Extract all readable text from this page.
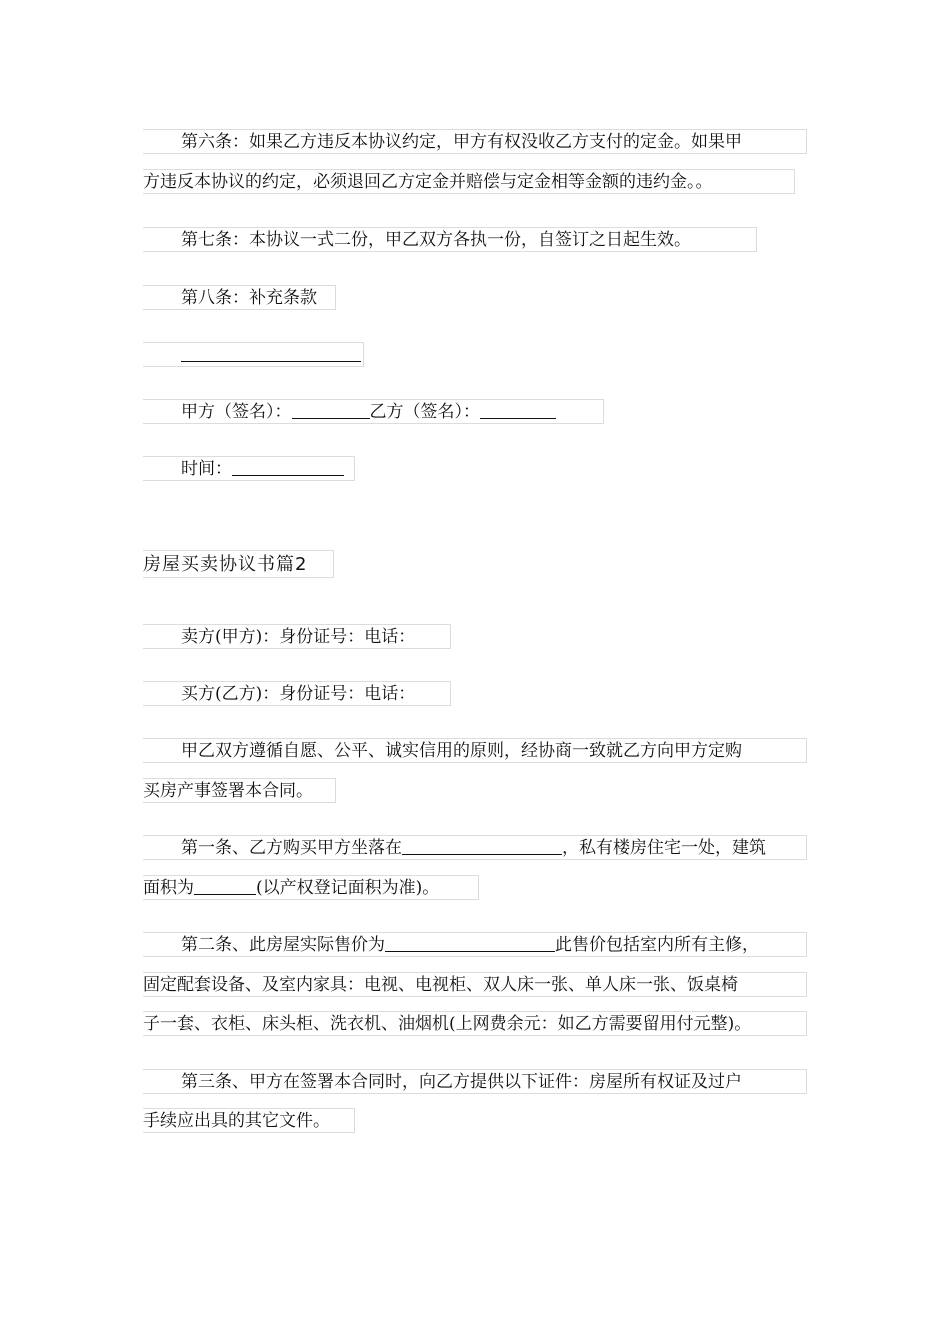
第六条：如果乙方违反本协议约定，甲方有权没收乙方支付的定金。如果甲
方违反本协议的约定，必须退回乙方定金并赔偿与定金相等金额的违约金。。
第七条：本协议一式二份，甲乙双方各执一份，自签订之日起生效。
第八条：补充条款
甲方（签名）：	乙方（签名）：
时间：
房屋买卖协议书篇2
卖方(甲方)：身份证号：电话：
买方(乙方)：身份证号：电话：
甲乙双方遵循自愿、公平、诚实信用的原则，经协商一致就乙方向甲方定购
买房产事签署本合同。
第一条、乙方购买甲方坐落在	，私有楼房住宅一处，建筑
面积为	(以产权登记面积为准)。
第二条、此房屋实际售价为	此售价包括室内所有主修，
固定配套设备、及室内家具：电视、电视柜、双人床一张、单人床一张、饭桌椅
子一套、衣柜、床头柜、洗衣机、油烟机(上网费余元：如乙方需要留用付元整)。
第三条、甲方在签署本合同时，向乙方提供以下证件：房屋所有权证及过户
手续应出具的其它文件。
